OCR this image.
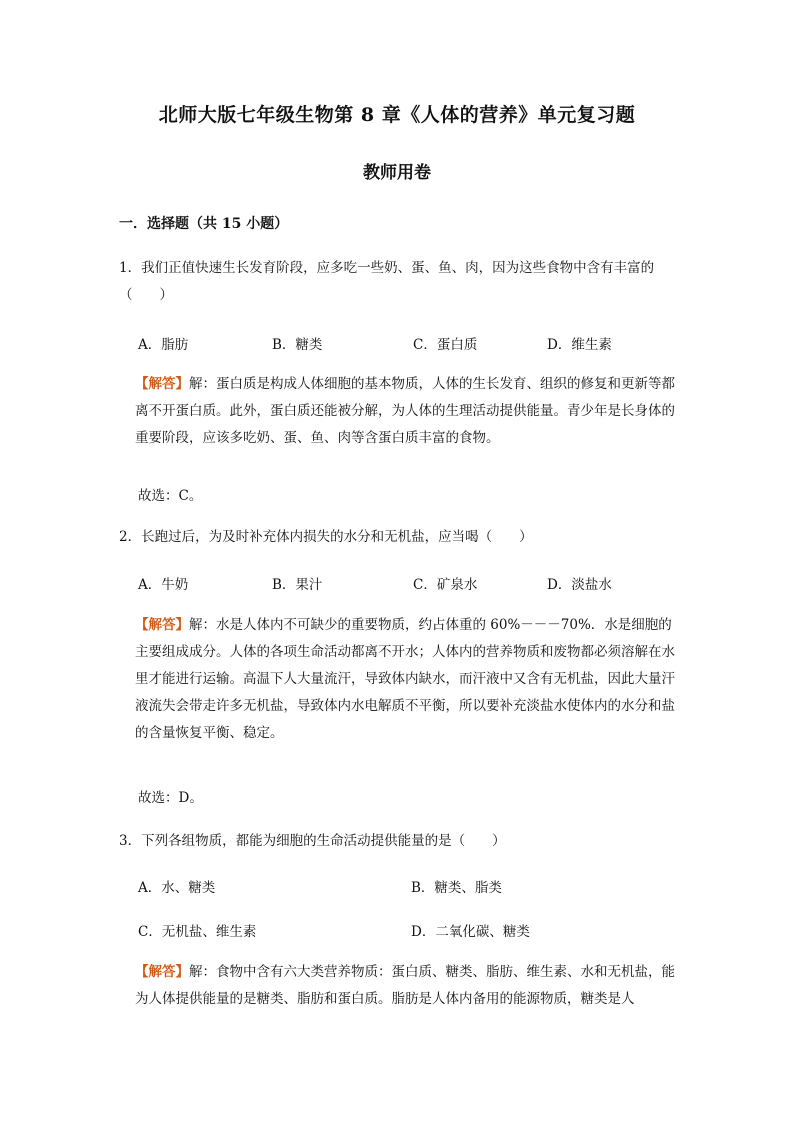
北师大版七年级生物第 8 章《人体的营养》单元复习题
教师用卷
一．选择题（共 15 小题）
1．我们正值快速生长发育阶段，应多吃一些奶、蛋、鱼、肉，因为这些食物中含有丰富的（　　）
A．脂肪	B．糖类	C．蛋白质	D．维生素
【解答】解：蛋白质是构成人体细胞的基本物质，人体的生长发育、组织的修复和更新等都离不开蛋白质。此外，蛋白质还能被分解，为人体的生理活动提供能量。青少年是长身体的重要阶段，应该多吃奶、蛋、鱼、肉等含蛋白质丰富的食物。
故选：C。
2．长跑过后，为及时补充体内损失的水分和无机盐，应当喝（　　）
A．牛奶	B．果汁	C．矿泉水	D．淡盐水
【解答】解：水是人体内不可缺少的重要物质，约占体重的 60%－－－70%．水是细胞的主要组成成分。人体的各项生命活动都离不开水；人体内的营养物质和废物都必须溶解在水里才能进行运输。高温下人大量流汗，导致体内缺水，而汗液中又含有无机盐，因此大量汗液流失会带走许多无机盐，导致体内水电解质不平衡，所以要补充淡盐水使体内的水分和盐的含量恢复平衡、稳定。
故选：D。
3．下列各组物质，都能为细胞的生命活动提供能量的是（　　）
A．水、糖类	B．糖类、脂类
C．无机盐、维生素	D．二氧化碳、糖类
【解答】解：食物中含有六大类营养物质：蛋白质、糖类、脂肪、维生素、水和无机盐，能为人体提供能量的是糖类、脂肪和蛋白质。脂肪是人体内备用的能源物质，糖类是人
